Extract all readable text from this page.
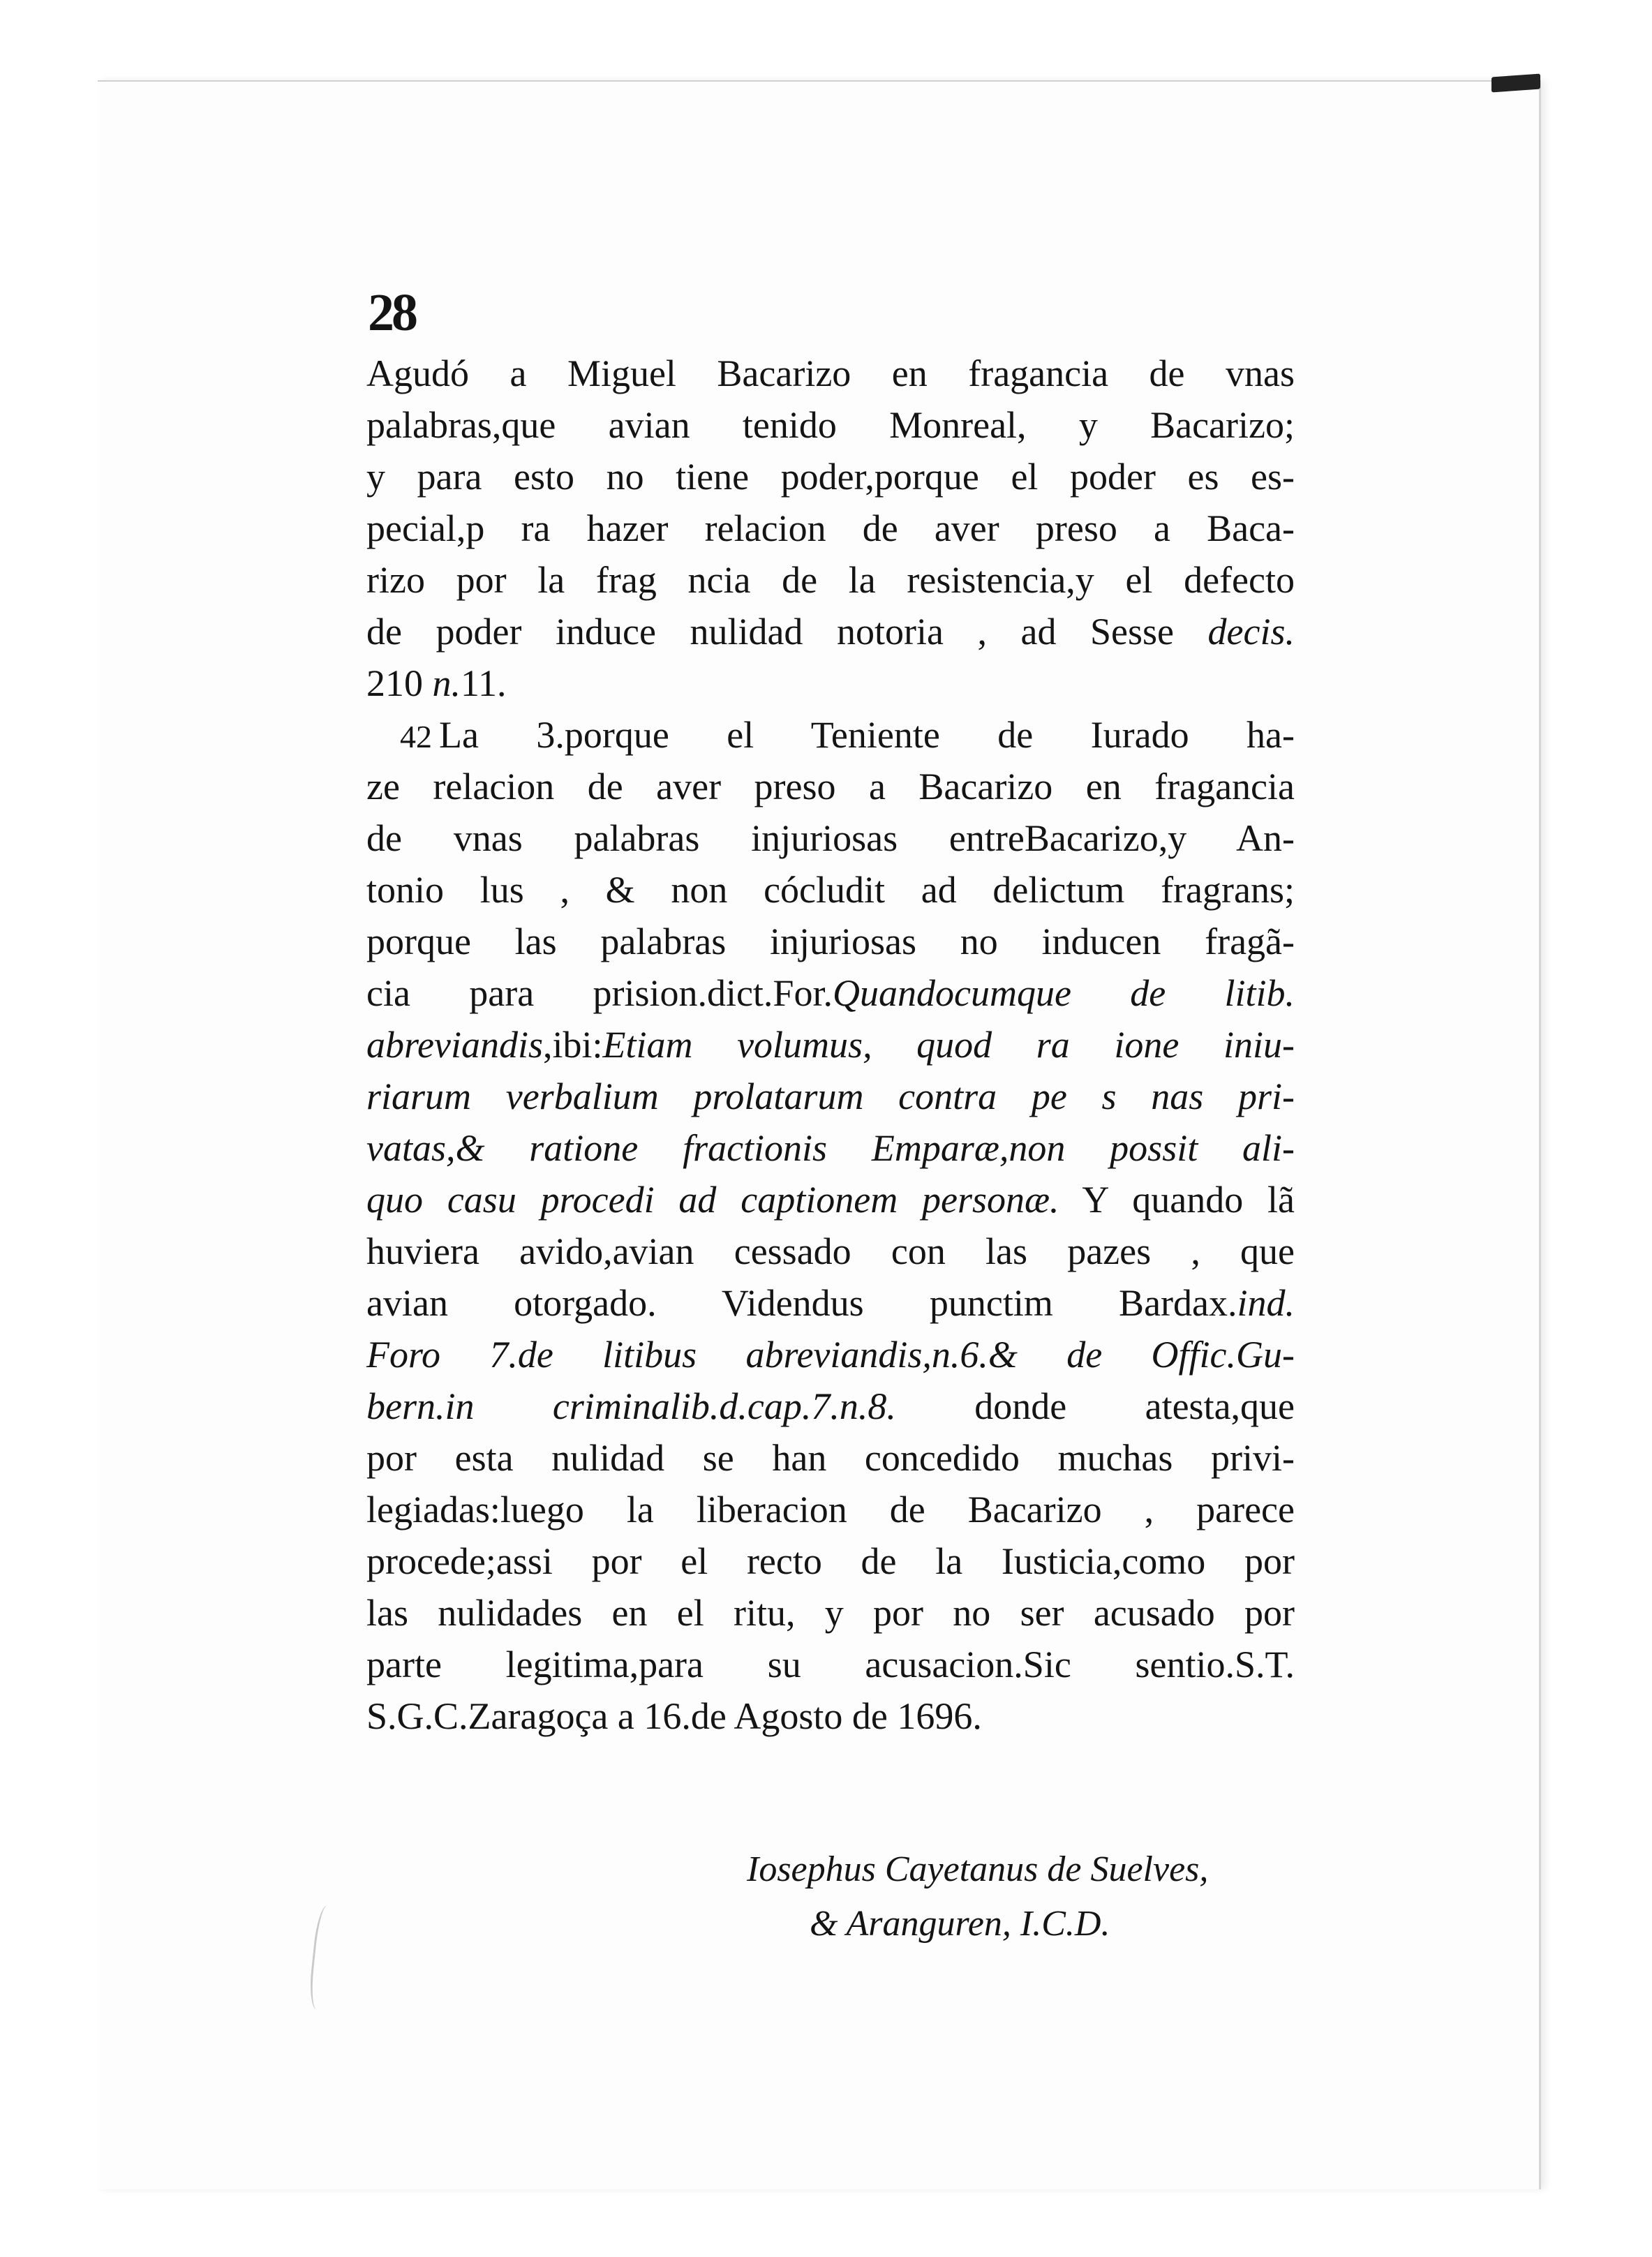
28
Agudó a Miguel Bacarizo en fragancia de vnas
palabras,que avian tenido Monreal, y Bacarizo;
y para esto no tiene poder,porque el poder es es-
pecial,p ra hazer relacion de aver preso a Baca-
rizo por la frag ncia de la resistencia,y el defecto
de poder induce nulidad notoria , ad Sesse decis.
210 n.11.
42 La 3.porque el Teniente de Iurado ha-
ze relacion de aver preso a Bacarizo en fragancia
de vnas palabras injuriosas entreBacarizo,y An-
tonio lus , & non cócludit ad delictum fragrans;
porque las palabras injuriosas no inducen fragã-
cia para prision.dict.For.Quandocumque de litib.
abreviandis,ibi:Etiam volumus, quod ra ione iniu-
riarum verbalium prolatarum contra pe s nas pri-
vatas,& ratione fractionis Emparæ,non possit ali-
quo casu procedi ad captionem personæ. Y quando lã
huviera avido,avian cessado con las pazes , que
avian otorgado. Videndus punctim Bardax.ind.
Foro 7.de litibus abreviandis,n.6.& de Offic.Gu-
bern.in criminalib.d.cap.7.n.8. donde atesta,que
por esta nulidad se han concedido muchas privi-
legiadas:luego la liberacion de Bacarizo , parece
procede;assi por el recto de la Iusticia,como por
las nulidades en el ritu, y por no ser acusado por
parte legitima,para su acusacion.Sic sentio.S.T.
S.G.C.Zaragoça a 16.de Agosto de 1696.
Iosephus Cayetanus de Suelves,
& Aranguren, I.C.D.
